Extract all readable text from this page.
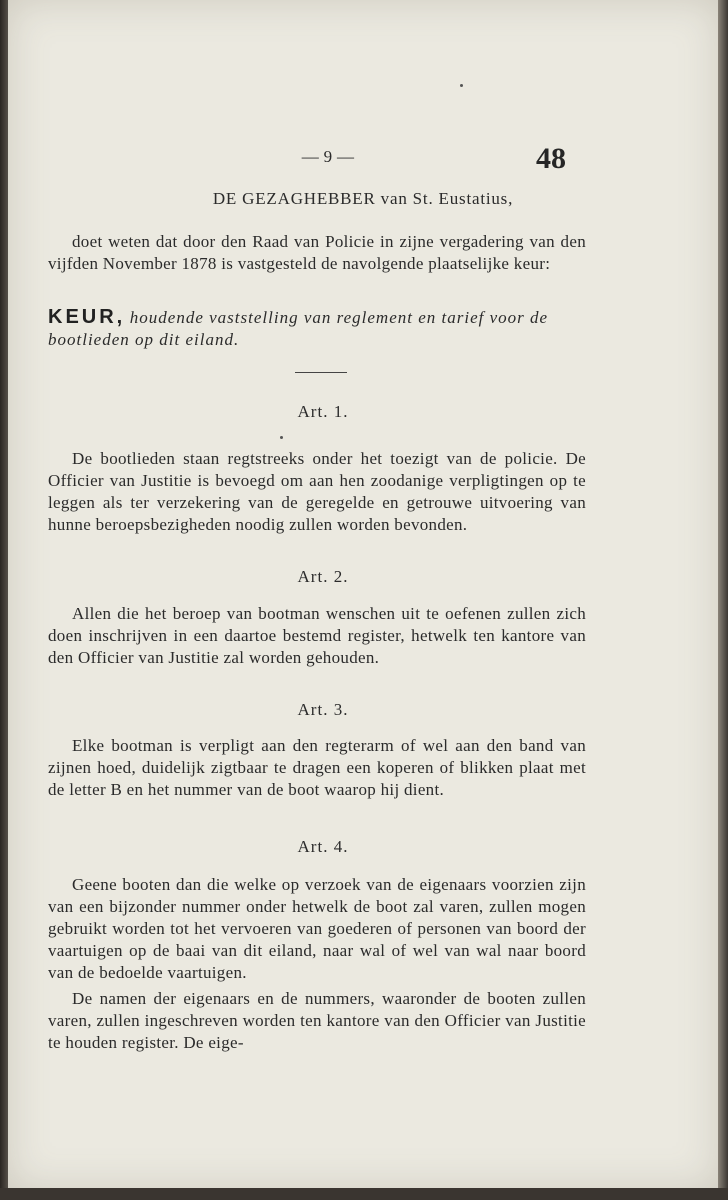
— 9 —	48
DE GEZAGHEBBER van St. Eustatius,
doet weten dat door den Raad van Policie in zijne vergadering van den vijfden November 1878 is vastgesteld de navolgende plaatselijke keur:
KEUR, houdende vaststelling van reglement en tarief voor de bootlieden op dit eiland.
Art. 1.
De bootlieden staan regtstreeks onder het toezigt van de policie. De Officier van Justitie is bevoegd om aan hen zoodanige verpligtingen op te leggen als ter verzekering van de geregelde en getrouwe uitvoering van hunne beroepsbezigheden noodig zullen worden bevonden.
Art. 2.
Allen die het beroep van bootman wenschen uit te oefenen zullen zich doen inschrijven in een daartoe bestemd register, hetwelk ten kantore van den Officier van Justitie zal worden gehouden.
Art. 3.
Elke bootman is verpligt aan den regterarm of wel aan den band van zijnen hoed, duidelijk zigtbaar te dragen een koperen of blikken plaat met de letter B en het nummer van de boot waarop hij dient.
Art. 4.
Geene booten dan die welke op verzoek van de eigenaars voorzien zijn van een bijzonder nummer onder hetwelk de boot zal varen, zullen mogen gebruikt worden tot het vervoeren van goederen of personen van boord der vaartuigen op de baai van dit eiland, naar wal of wel van wal naar boord van de bedoelde vaartuigen.
De namen der eigenaars en de nummers, waaronder de booten zullen varen, zullen ingeschreven worden ten kantore van den Officier van Justitie te houden register. De eige-
